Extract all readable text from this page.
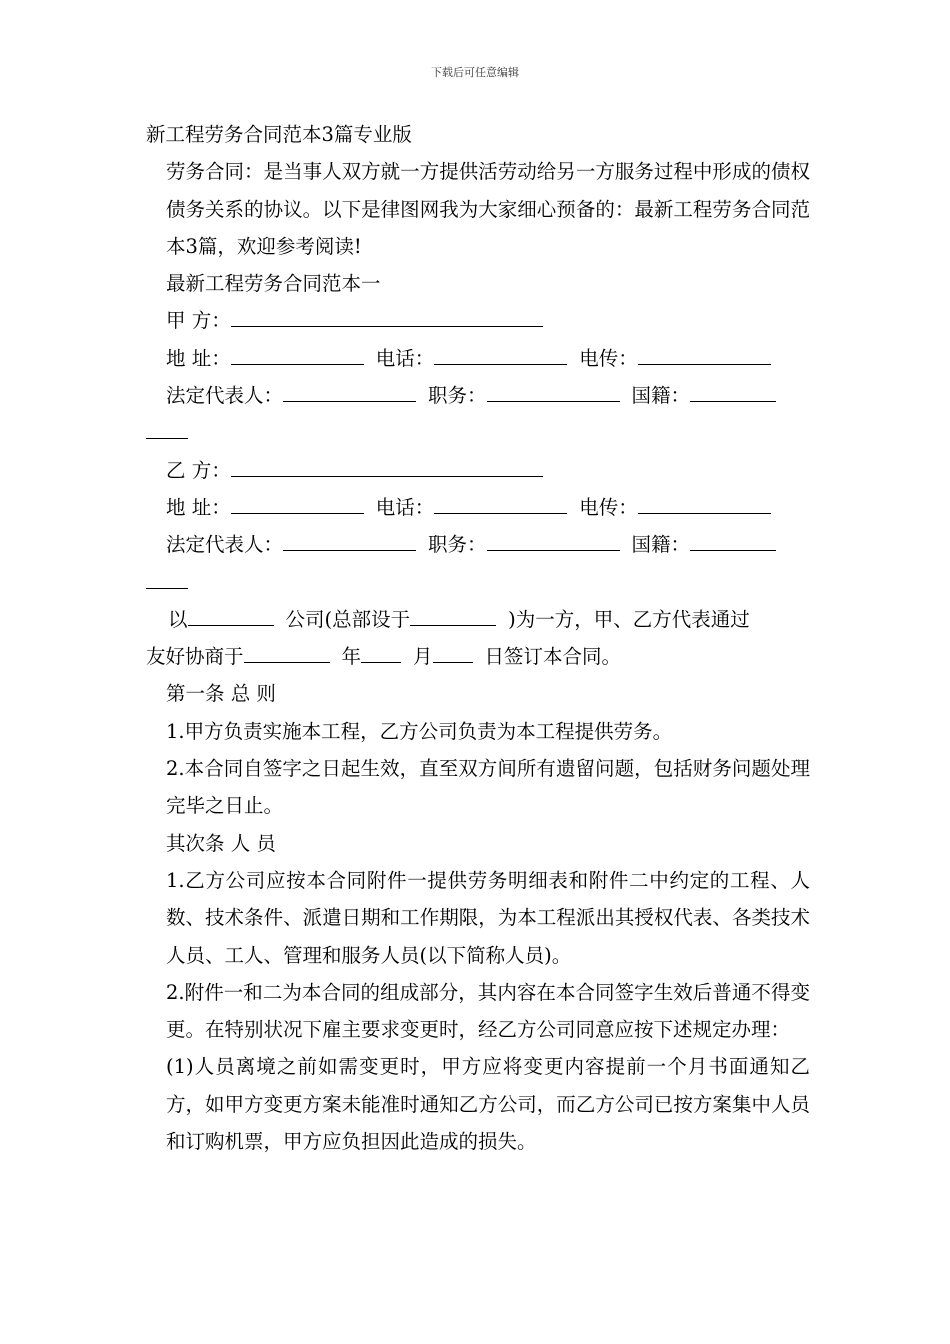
下载后可任意编辑
新工程劳务合同范本3篇专业版
劳务合同：是当事人双方就一方提供活劳动给另一方服务过程中形成的债权债务关系的协议。以下是律图网我为大家细心预备的：最新工程劳务合同范本3篇，欢迎参考阅读!
最新工程劳务合同范本一
甲 方：
地 址：	电话：	电传：
法定代表人：	职务：	国籍：
乙 方：
地 址：	电话：	电传：
法定代表人：	职务：	国籍：
以	公司(总部设于	)为一方，甲、乙方代表通过
友好协商于	年	月	日签订本合同。
第一条 总 则
1.甲方负责实施本工程，乙方公司负责为本工程提供劳务。
2.本合同自签字之日起生效，直至双方间所有遗留问题，包括财务问题处理完毕之日止。
其次条 人 员
1.乙方公司应按本合同附件一提供劳务明细表和附件二中约定的工程、人数、技术条件、派遣日期和工作期限，为本工程派出其授权代表、各类技术人员、工人、管理和服务人员(以下简称人员)。
2.附件一和二为本合同的组成部分，其内容在本合同签字生效后普通不得变更。在特别状况下雇主要求变更时，经乙方公司同意应按下述规定办理：
(1)人员离境之前如需变更时，甲方应将变更内容提前一个月书面通知乙方，如甲方变更方案未能准时通知乙方公司，而乙方公司已按方案集中人员和订购机票，甲方应负担因此造成的损失。
